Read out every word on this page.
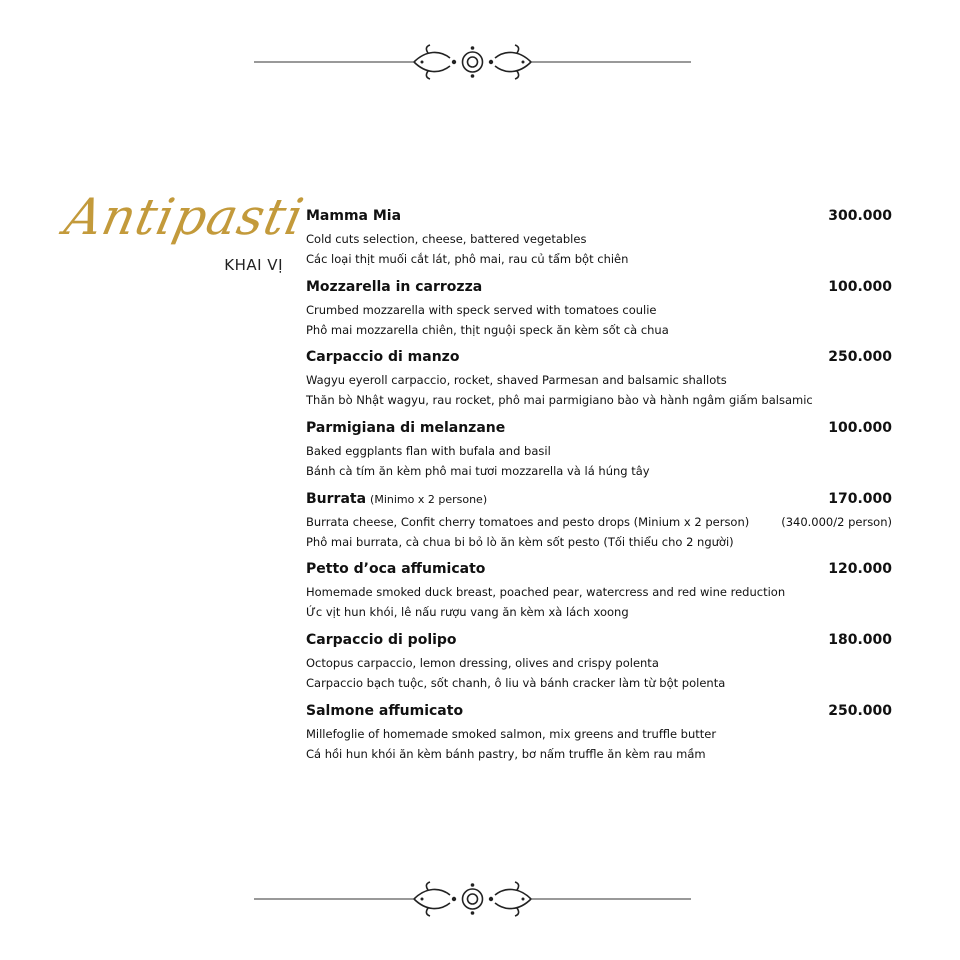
Antipasti
KHAI VỊ
Mamma Mia	300.000
Cold cuts selection, cheese, battered vegetables
Các loại thịt muối cắt lát, phô mai, rau củ tẩm bột chiên
Mozzarella in carrozza	100.000
Crumbed mozzarella with speck served with tomatoes coulie
Phô mai mozzarella chiên, thịt nguội speck ăn kèm sốt cà chua
Carpaccio di manzo	250.000
Wagyu eyeroll carpaccio, rocket, shaved Parmesan and balsamic shallots
Thăn bò Nhật wagyu, rau rocket, phô mai parmigiano bào và hành ngâm giấm balsamic
Parmigiana di melanzane	100.000
Baked eggplants flan with bufala and basil
Bánh cà tím ăn kèm phô mai tươi mozzarella và lá húng tây
Burrata (Minimo x 2 persone)	170.000
(340.000/2 person)
Burrata cheese, Confit cherry tomatoes and pesto drops (Minium x 2 person)
Phô mai burrata, cà chua bi bỏ lò ăn kèm sốt pesto (Tối thiểu cho 2 người)
Petto d’oca affumicato	120.000
Homemade smoked duck breast, poached pear, watercress and red wine reduction
Ức vịt hun khói, lê nấu rượu vang ăn kèm xà lách xoong
Carpaccio di polipo	180.000
Octopus carpaccio, lemon dressing, olives and crispy polenta
Carpaccio bạch tuộc, sốt chanh, ô liu và bánh cracker làm từ bột polenta
Salmone affumicato	250.000
Millefoglie of homemade smoked salmon, mix greens and truffle butter
Cá hồi hun khói ăn kèm bánh pastry, bơ nấm truffle ăn kèm rau mầm
